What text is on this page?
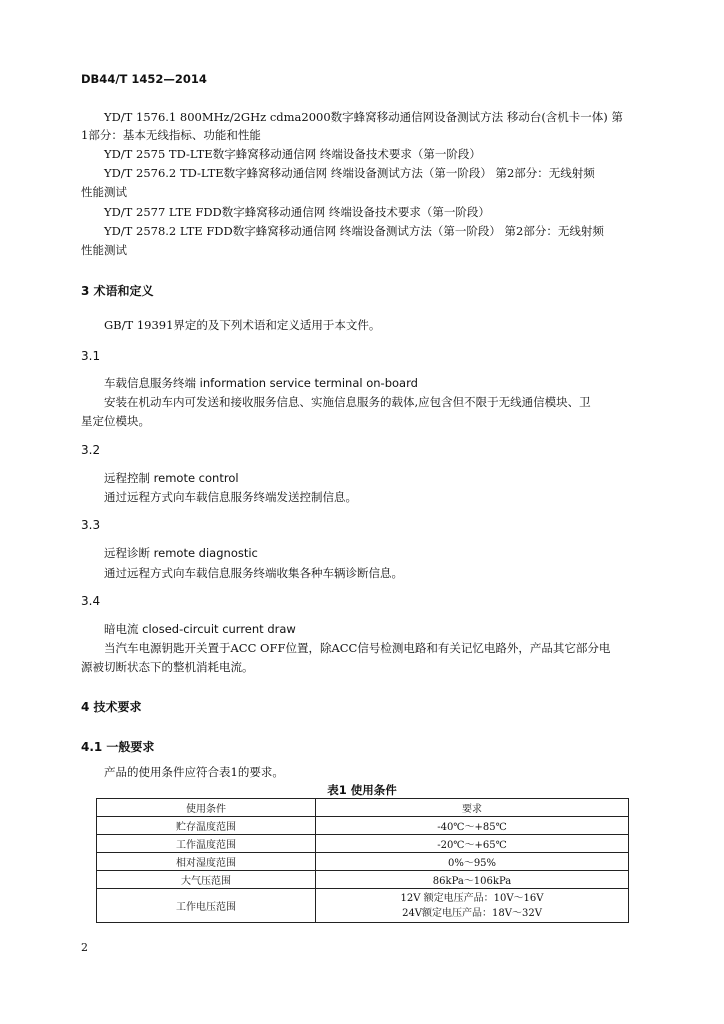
DB44/T 1452—2014

YD/T 1576.1 800MHz/2GHz cdma2000数字蜂窝移动通信网设备测试方法 移动台(含机卡一体) 第

1部分：基本无线指标、功能和性能

YD/T 2575 TD-LTE数字蜂窝移动通信网 终端设备技术要求（第一阶段）

YD/T 2576.2 TD-LTE数字蜂窝移动通信网 终端设备测试方法（第一阶段） 第2部分：无线射频

性能测试

YD/T 2577 LTE FDD数字蜂窝移动通信网 终端设备技术要求（第一阶段）

YD/T 2578.2 LTE FDD数字蜂窝移动通信网 终端设备测试方法（第一阶段） 第2部分：无线射频

性能测试

3 术语和定义

GB/T 19391界定的及下列术语和定义适用于本文件。

3.1

车载信息服务终端 information service terminal on-board

安装在机动车内可发送和接收服务信息、实施信息服务的载体,应包含但不限于无线通信模块、卫

星定位模块。

3.2

远程控制 remote control

通过远程方式向车载信息服务终端发送控制信息。

3.3

远程诊断 remote diagnostic

通过远程方式向车载信息服务终端收集各种车辆诊断信息。

3.4

暗电流 closed-circuit current draw

当汽车电源钥匙开关置于ACC OFF位置，除ACC信号检测电路和有关记忆电路外，产品其它部分电

源被切断状态下的整机消耗电流。

4 技术要求

4.1 一般要求

产品的使用条件应符合表1的要求。

表1 使用条件

使用条件	要求
贮存温度范围	-40℃～+85℃
工作温度范围	-20℃～+65℃
相对湿度范围	0%～95%
大气压范围	86kPa～106kPa
工作电压范围	12V 额定电压产品：10V～16V
24V额定电压产品：18V～32V

2
